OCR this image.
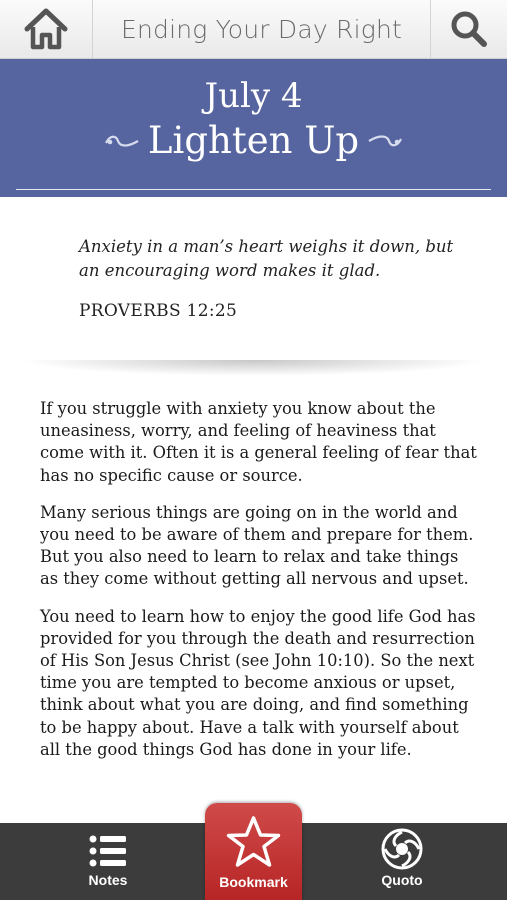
Ending Your Day Right
July 4
Lighten Up
Anxiety in a man’s heart weighs it down, but an encouraging word makes it glad.
PROVERBS 12:25

If you struggle with anxiety you know about the uneasiness, worry, and feeling of heaviness that come with it. Often it is a general feeling of fear that has no specific cause or source.

Many serious things are going on in the world and you need to be aware of them and prepare for them. But you also need to learn to relax and take things as they come without getting all nervous and upset.

You need to learn how to enjoy the good life God has provided for you through the death and resurrection of His Son Jesus Christ (see John 10:10). So the next time you are tempted to become anxious or upset, think about what you are doing, and find something to be happy about. Have a talk with yourself about all the good things God has done in your life.

Notes	Quoto
Bookmark
